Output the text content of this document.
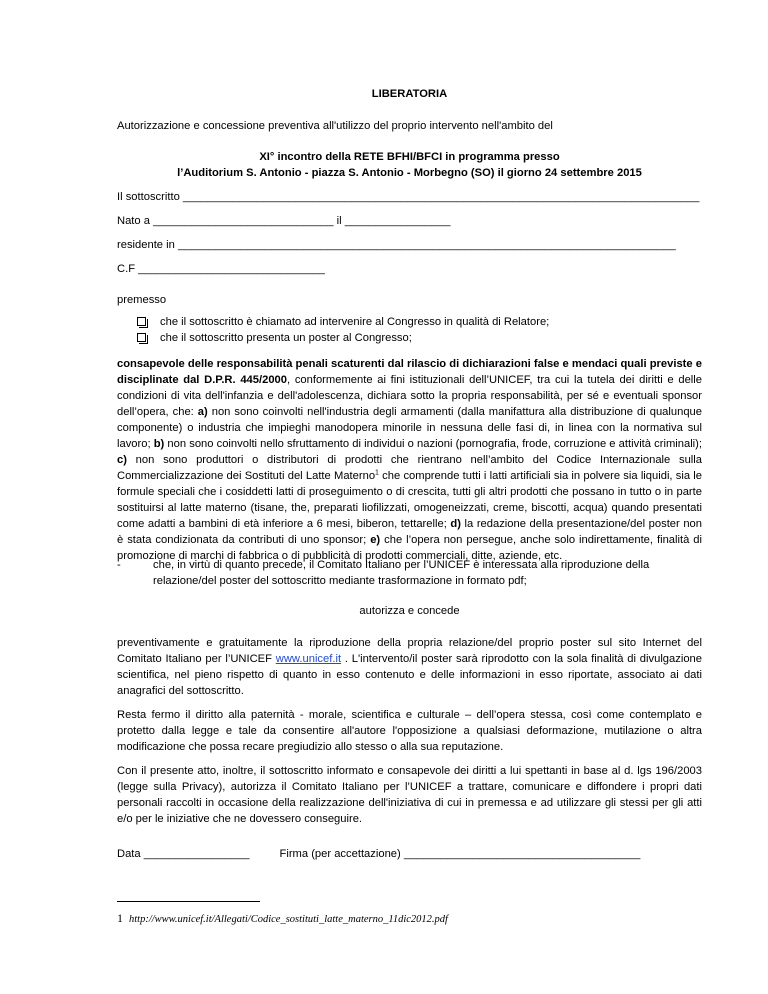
LIBERATORIA

Autorizzazione e concessione preventiva all'utilizzo del proprio intervento nell'ambito del

XI° incontro della RETE BFHI/BFCI in programma presso
l’Auditorium S. Antonio - piazza S. Antonio - Morbegno (SO) il giorno 24 settembre 2015

Il sottoscritto ___________________________________________________________________________________

Nato a _____________________________ il _________________

residente in ________________________________________________________________________________

C.F ______________________________

premesso

che il sottoscritto è chiamato ad intervenire al Congresso in qualità di Relatore;
che il sottoscritto presenta un poster al Congresso;

consapevole delle responsabilità penali scaturenti dal rilascio di dichiarazioni false e mendaci quali previste e disciplinate dal D.P.R. 445/2000, conformemente ai fini istituzionali dell’UNICEF, tra cui la tutela dei diritti e delle condizioni di vita dell'infanzia e dell'adolescenza, dichiara sotto la propria responsabilità, per sé e eventuali sponsor dell’opera, che: a) non sono coinvolti nell'industria degli armamenti (dalla manifattura alla distribuzione di qualunque componente) o industria che impieghi manodopera minorile in nessuna delle fasi di, in linea con la normativa sul lavoro; b) non sono coinvolti nello sfruttamento di individui o nazioni (pornografia, frode, corruzione e attività criminali); c) non sono produttori o distributori di prodotti che rientrano nell’ambito del Codice Internazionale sulla Commercializzazione dei Sostituti del Latte Materno$^1$ che comprende tutti i latti artificiali sia in polvere sia liquidi, sia le formule speciali che i cosiddetti latti di proseguimento o di crescita, tutti gli altri prodotti che possano in tutto o in parte sostituirsi al latte materno (tisane, the, preparati liofilizzati, omogeneizzati, creme, biscotti, acqua) quando presentati come adatti a bambini di età inferiore a 6 mesi, biberon, tettarelle; d) la redazione della presentazione/del poster non è stata condizionata da contributi di uno sponsor; e) che l’opera non persegue, anche solo indirettamente, finalità di promozione di marchi di fabbrica o di pubblicità di prodotti commerciali, ditte, aziende, etc.

-	che, in virtù di quanto precede, il Comitato Italiano per l’UNICEF è interessata alla riproduzione della relazione/del poster del sottoscritto mediante trasformazione in formato pdf;

autorizza e concede

preventivamente e gratuitamente la riproduzione della propria relazione/del proprio poster sul sito Internet del Comitato Italiano per l’UNICEF www.unicef.it . L'intervento/il poster sarà riprodotto con la sola finalità di divulgazione scientifica, nel pieno rispetto di quanto in esso contenuto e delle informazioni in esso riportate, associato ai dati anagrafici del sottoscritto.

Resta fermo il diritto alla paternità - morale, scientifica e culturale – dell’opera stessa, così come contemplato e protetto dalla legge e tale da consentire all'autore l'opposizione a qualsiasi deformazione, mutilazione o altra modificazione che possa recare pregiudizio allo stesso o alla sua reputazione.

Con il presente atto, inoltre, il sottoscritto informato e consapevole dei diritti a lui spettanti in base al d. lgs 196/2003 (legge sulla Privacy), autorizza il Comitato Italiano per l’UNICEF a trattare, comunicare e diffondere i propri dati personali raccolti in occasione della realizzazione dell'iniziativa di cui in premessa e ad utilizzare gli stessi per gli atti e/o per le iniziative che ne dovessero conseguire.

Data _________________	Firma (per accettazione) ______________________________________

1 http://www.unicef.it/Allegati/Codice_sostituti_latte_materno_11dic2012.pdf
